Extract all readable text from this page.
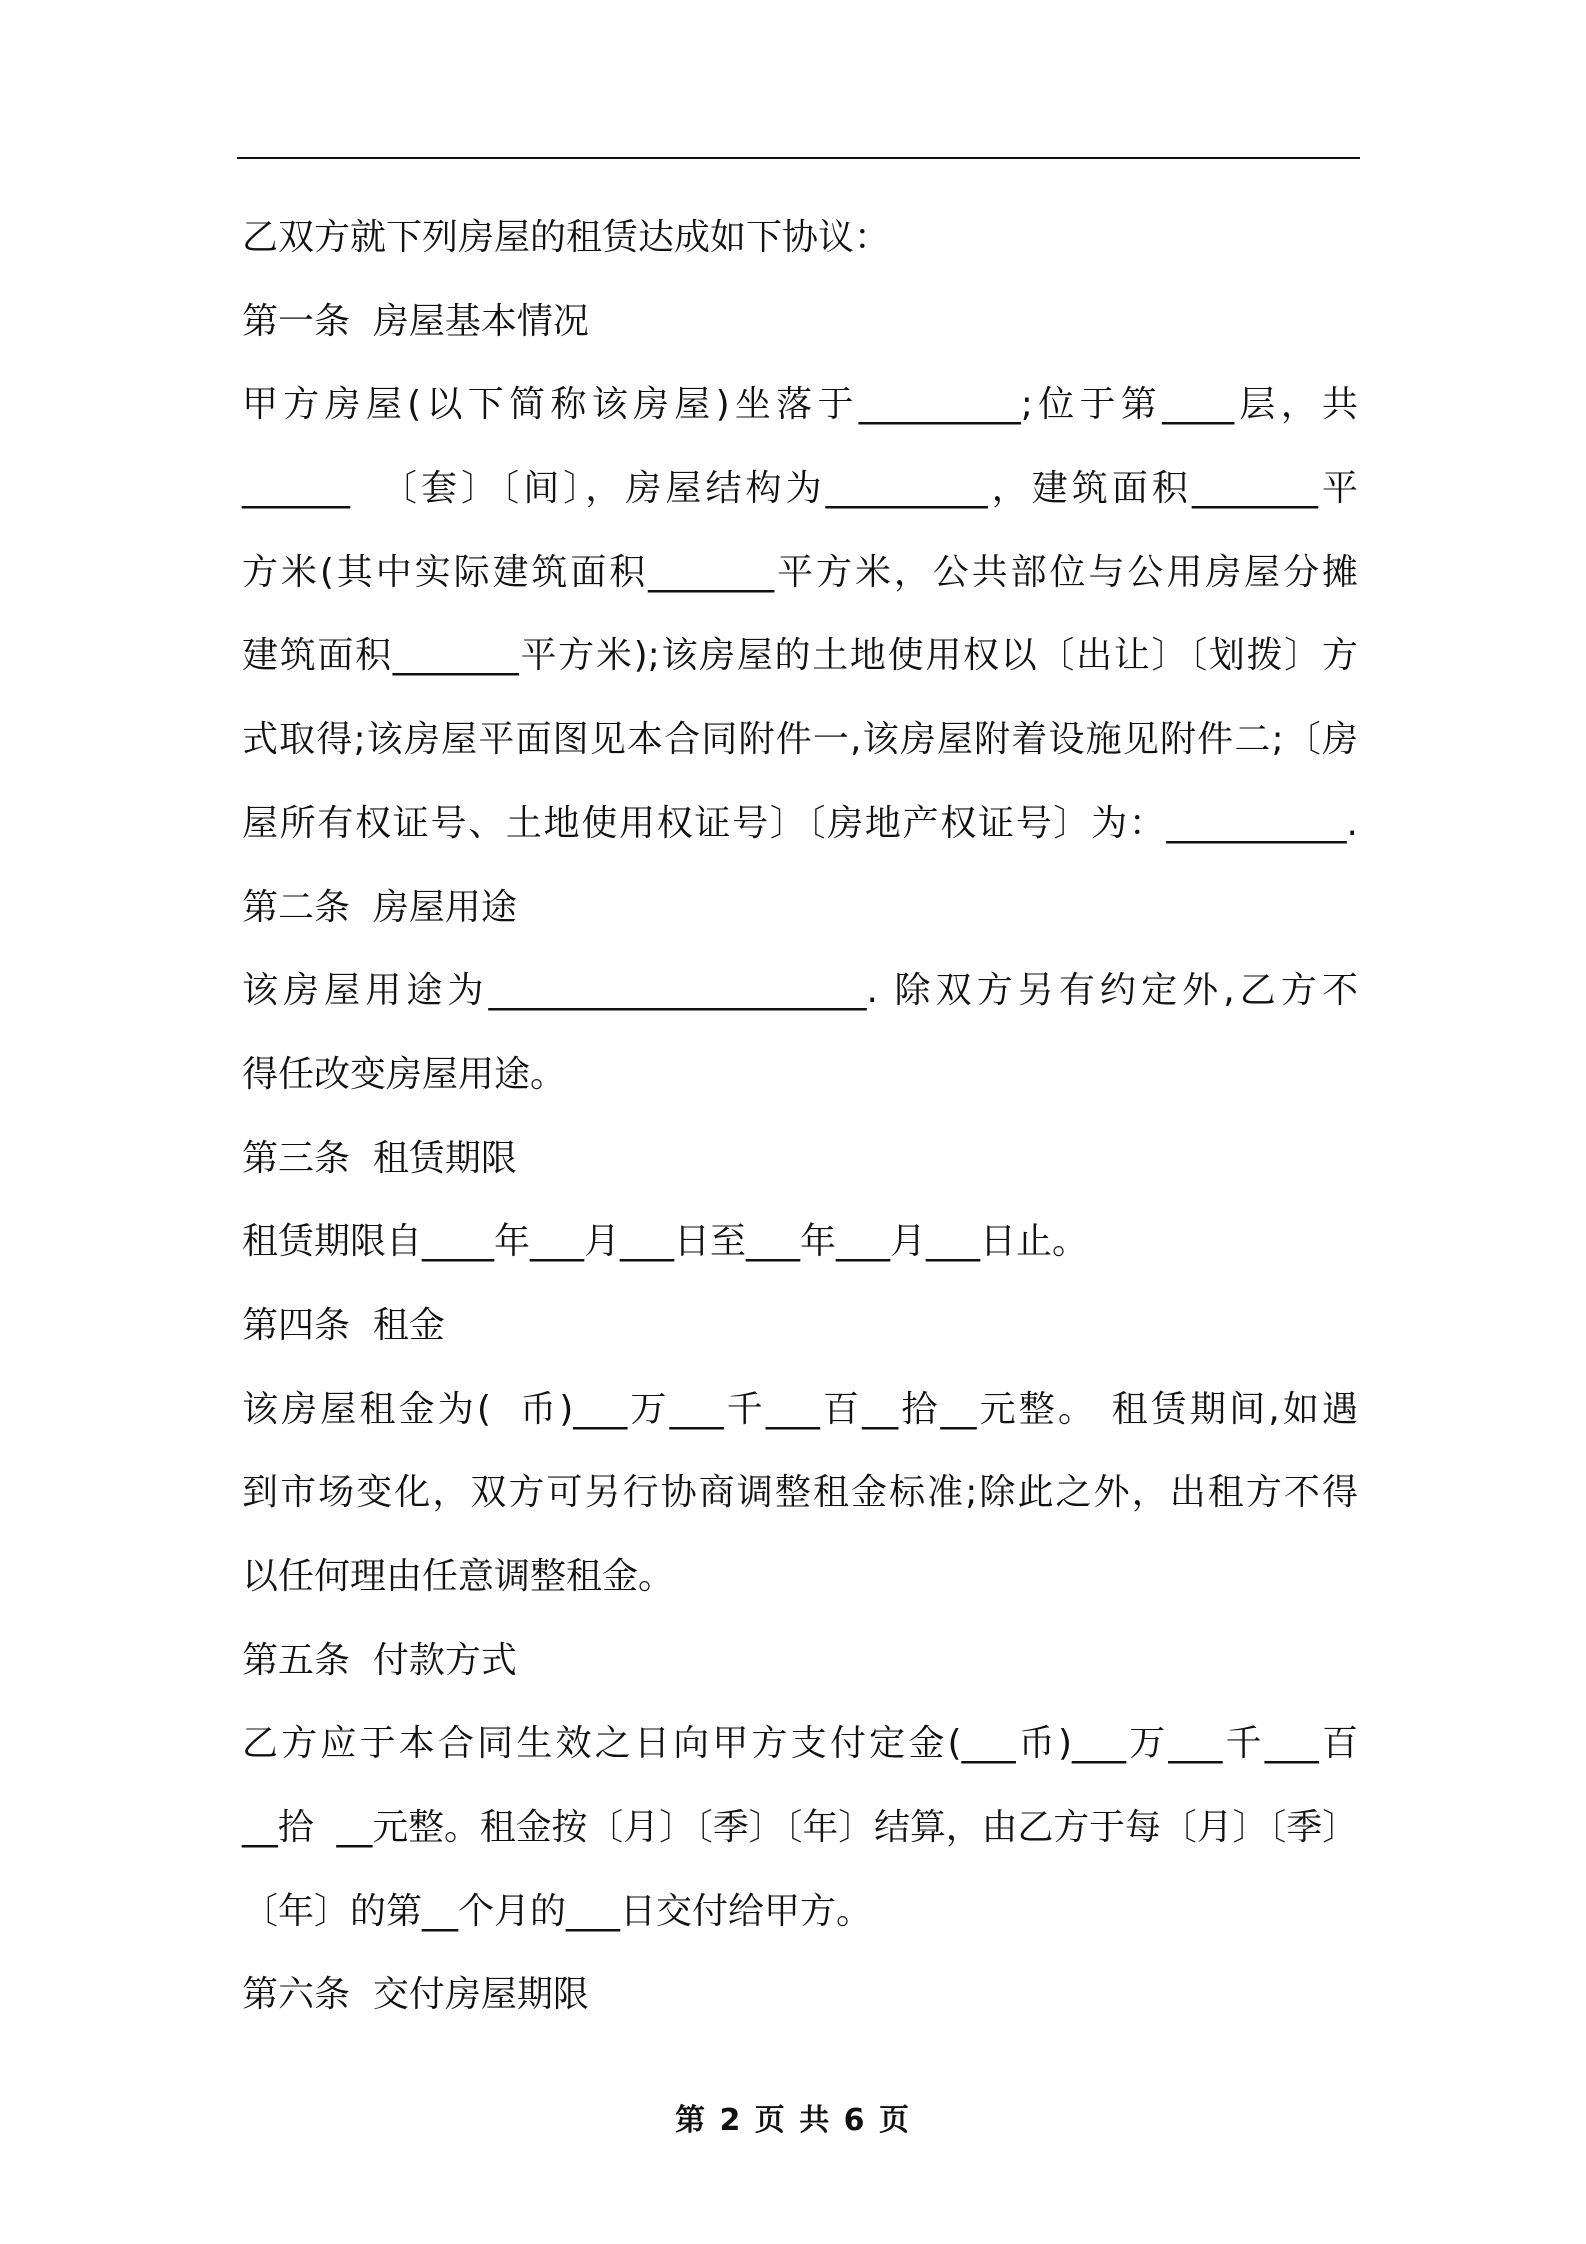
乙双方就下列房屋的租赁达成如下协议：
第一条  房屋基本情况
甲方房屋(以下简称该房屋)坐落于_________;位于第____层，共
______  〔套〕〔间〕，房屋结构为_________，建筑面积_______平
方米(其中实际建筑面积_______平方米，公共部位与公用房屋分摊
建筑面积_______平方米);该房屋的土地使用权以〔出让〕〔划拨〕方
式取得;该房屋平面图见本合同附件一,该房屋附着设施见附件二;〔房
屋所有权证号、土地使用权证号〕〔房地产权证号〕为：__________.
第二条  房屋用途
该房屋用途为_____________________. 除双方另有约定外,乙方不
得任改变房屋用途。
第三条  租赁期限
租赁期限自____年___月___日至___年___月___日止。
第四条  租金
该房屋租金为(  币)___万___千___百__拾__元整。 租赁期间,如遇
到市场变化，双方可另行协商调整租金标准;除此之外，出租方不得
以任何理由任意调整租金。
第五条  付款方式
乙方应于本合同生效之日向甲方支付定金(___币)___万___千___百
__拾  __元整。租金按〔月〕〔季〕〔年〕结算，由乙方于每〔月〕〔季〕
〔年〕的第__个月的___日交付给甲方。
第六条  交付房屋期限
第 2 页 共 6 页
